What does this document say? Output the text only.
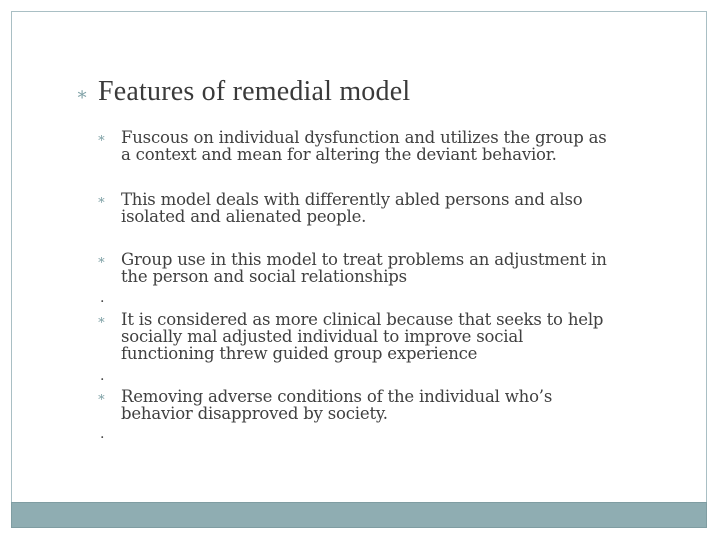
∗ Features of remedial model
∗ Fuscous on individual dysfunction and utilizes the group as
a context and mean for altering the deviant behavior.
∗ This model deals with differently abled persons and also
isolated and alienated people.
∗ Group use in this model to treat problems an adjustment in
the person and social relationships
.
∗ It is considered as more clinical because that seeks to help
socially mal adjusted individual to improve social
functioning threw guided group experience
.
∗ Removing adverse conditions of the individual who’s
behavior disapproved by society.
.
